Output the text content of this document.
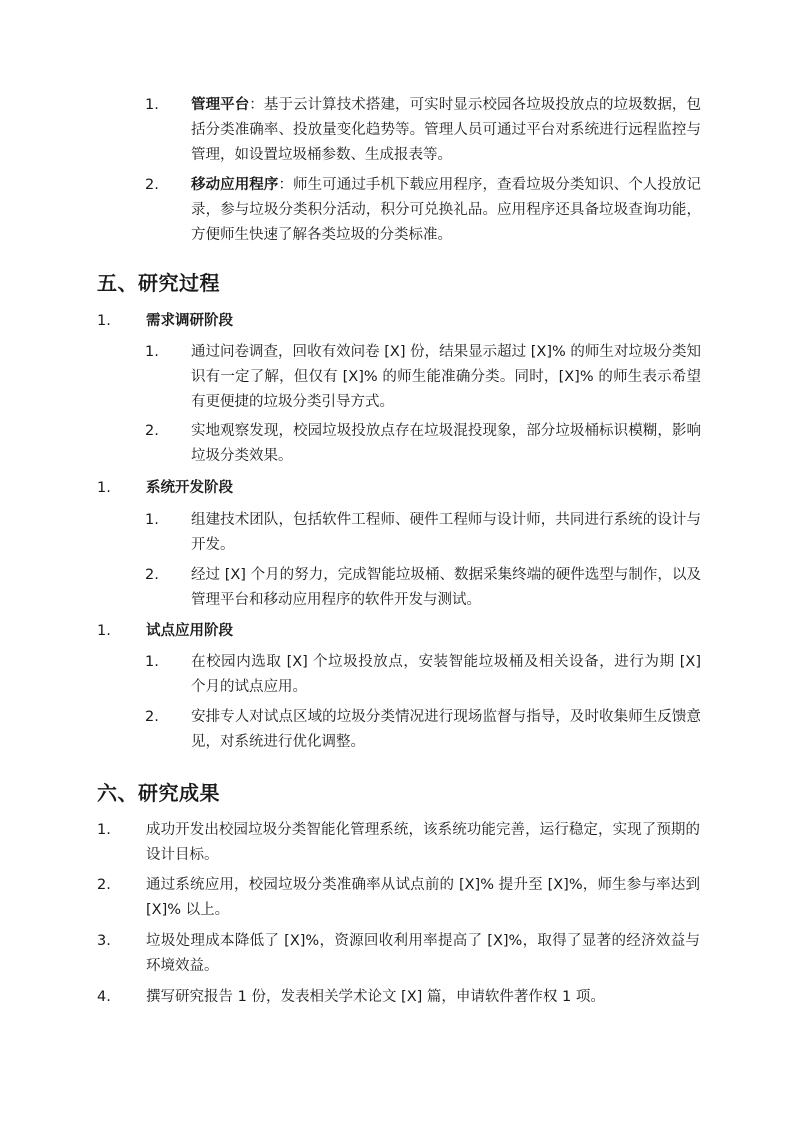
1. 管理平台：基于云计算技术搭建，可实时显示校园各垃圾投放点的垃圾数据，包括分类准确率、投放量变化趋势等。管理人员可通过平台对系统进行远程监控与管理，如设置垃圾桶参数、生成报表等。
2. 移动应用程序：师生可通过手机下载应用程序，查看垃圾分类知识、个人投放记录，参与垃圾分类积分活动，积分可兑换礼品。应用程序还具备垃圾查询功能，方便师生快速了解各类垃圾的分类标准。
五、研究过程
1. 需求调研阶段
1. 通过问卷调查，回收有效问卷 [X] 份，结果显示超过 [X]% 的师生对垃圾分类知识有一定了解，但仅有 [X]% 的师生能准确分类。同时，[X]% 的师生表示希望有更便捷的垃圾分类引导方式。
2. 实地观察发现，校园垃圾投放点存在垃圾混投现象，部分垃圾桶标识模糊，影响垃圾分类效果。
1. 系统开发阶段
1. 组建技术团队，包括软件工程师、硬件工程师与设计师，共同进行系统的设计与开发。
2. 经过 [X] 个月的努力，完成智能垃圾桶、数据采集终端的硬件选型与制作，以及管理平台和移动应用程序的软件开发与测试。
1. 试点应用阶段
1. 在校园内选取 [X] 个垃圾投放点，安装智能垃圾桶及相关设备，进行为期 [X] 个月的试点应用。
2. 安排专人对试点区域的垃圾分类情况进行现场监督与指导，及时收集师生反馈意见，对系统进行优化调整。
六、研究成果
1. 成功开发出校园垃圾分类智能化管理系统，该系统功能完善，运行稳定，实现了预期的设计目标。
2. 通过系统应用，校园垃圾分类准确率从试点前的 [X]% 提升至 [X]%，师生参与率达到 [X]% 以上。
3. 垃圾处理成本降低了 [X]%，资源回收利用率提高了 [X]%，取得了显著的经济效益与环境效益。
4. 撰写研究报告 1 份，发表相关学术论文 [X] 篇，申请软件著作权 1 项。
